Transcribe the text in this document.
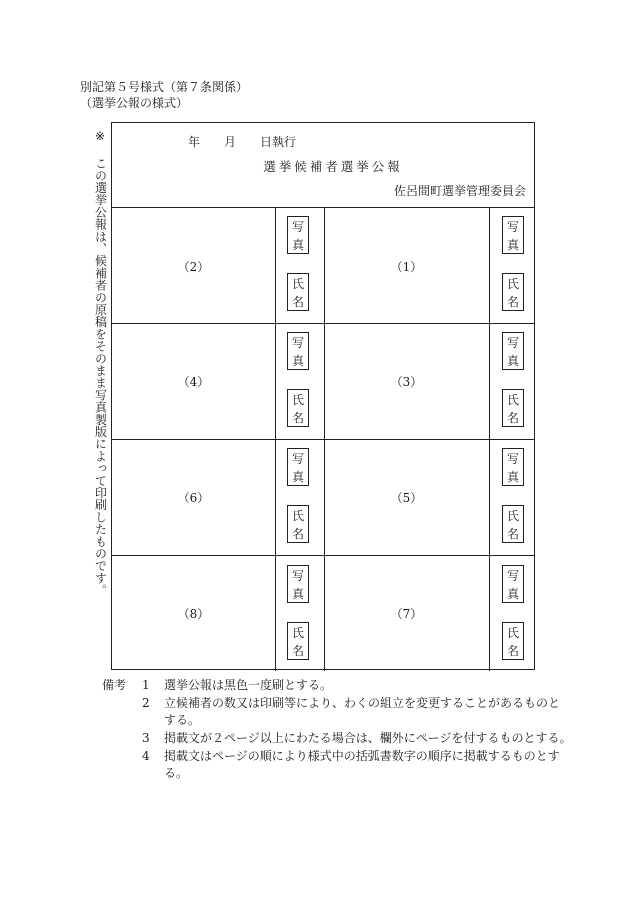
別記第５号様式（第７条関係）
（選挙公報の様式）
※
この選挙公報は、候補者の原稿をそのまま写真製版によって印刷したものです。
年　　月　　日執行
選挙候補者選挙公報
佐呂間町選挙管理委員会
（2）
写真
氏名
（1）
写真
氏名
（4）
写真
氏名
（3）
写真
氏名
（6）
写真
氏名
（5）
写真
氏名
（8）
写真
氏名
（7）
写真
氏名
備考 1 選挙公報は黒色一度刷とする。
2 立候補者の数又は印刷等により、わくの組立を変更することがあるものとする。
3 掲載文が２ページ以上にわたる場合は、欄外にページを付するものとする。
4 掲載文はページの順により様式中の括弧書数字の順序に掲載するものとする。
